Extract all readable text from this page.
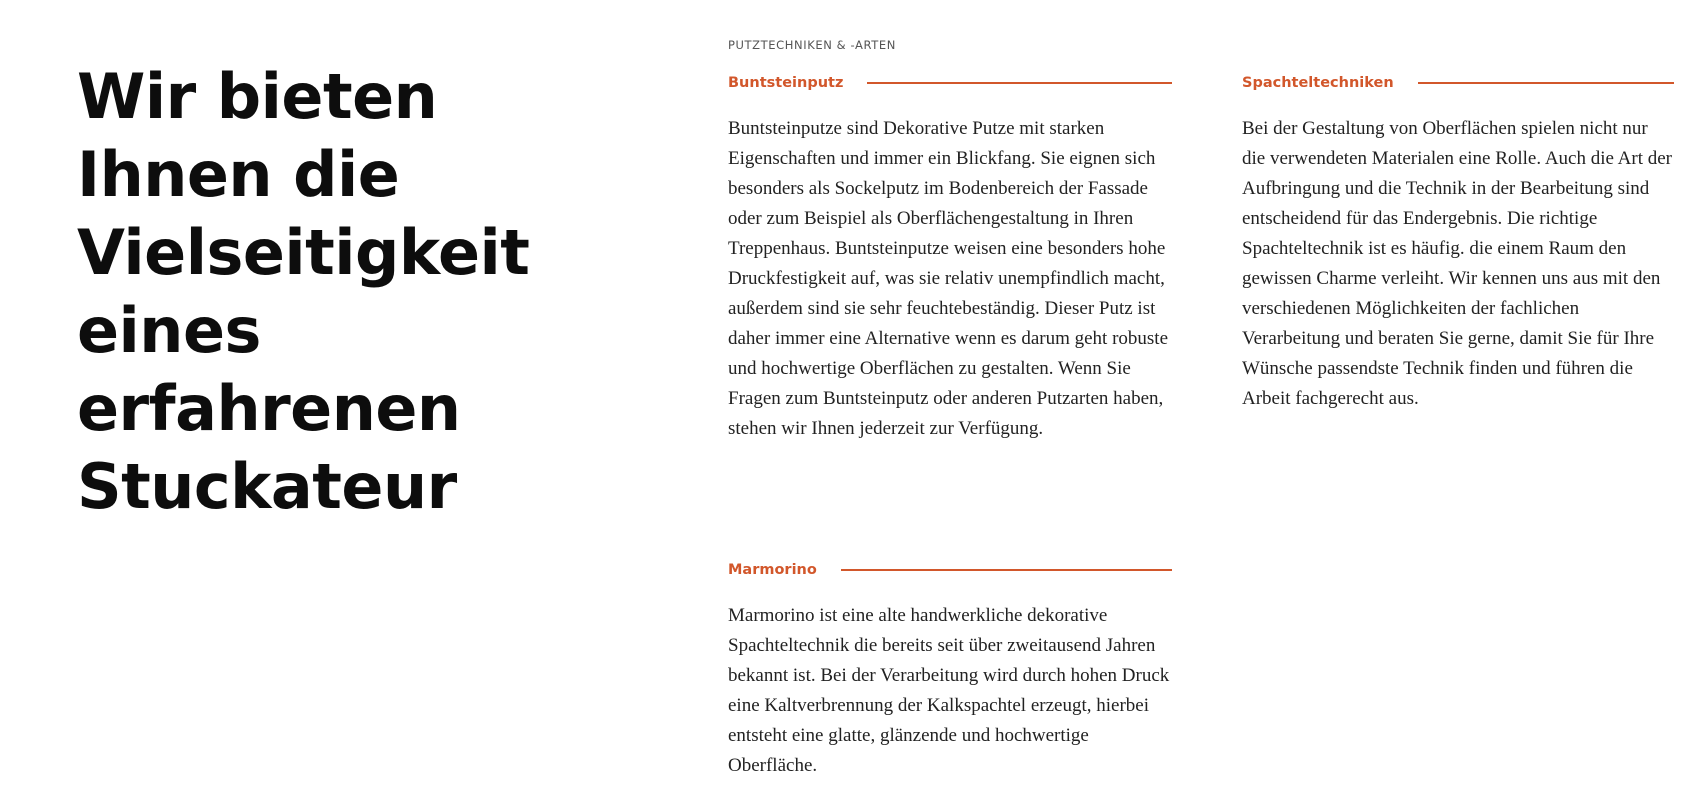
Wir bieten Ihnen die Vielseitigkeit eines erfahrenen Stuckateur

PUTZTECHNIKEN & -ARTEN

Buntsteinputz

Buntsteinputze sind Dekorative Putze mit starken Eigenschaften und immer ein Blickfang. Sie eignen sich besonders als Sockelputz im Bodenbereich der Fassade oder zum Beispiel als Oberflächengestaltung in Ihren Treppenhaus. Buntsteinputze weisen eine besonders hohe Druckfestigkeit auf, was sie relativ unempfindlich macht, außerdem sind sie sehr feuchtebeständig. Dieser Putz ist daher immer eine Alternative wenn es darum geht robuste und hochwertige Oberflächen zu gestalten. Wenn Sie Fragen zum Buntsteinputz oder anderen Putzarten haben, stehen wir Ihnen jederzeit zur Verfügung.

Spachteltechniken

Bei der Gestaltung von Oberflächen spielen nicht nur die verwendeten Materialen eine Rolle. Auch die Art der Aufbringung und die Technik in der Bearbeitung sind entscheidend für das Endergebnis. Die richtige Spachteltechnik ist es häufig. die einem Raum den gewissen Charme verleiht. Wir kennen uns aus mit den verschiedenen Möglichkeiten der fachlichen Verarbeitung und beraten Sie gerne, damit Sie für Ihre Wünsche passendste Technik finden und führen die Arbeit fachgerecht aus.

Marmorino

Marmorino ist eine alte handwerkliche dekorative Spachteltechnik die bereits seit über zweitausend Jahren bekannt ist. Bei der Verarbeitung wird durch hohen Druck eine Kaltverbrennung der Kalkspachtel erzeugt, hierbei entsteht eine glatte, glänzende und hochwertige Oberfläche.
